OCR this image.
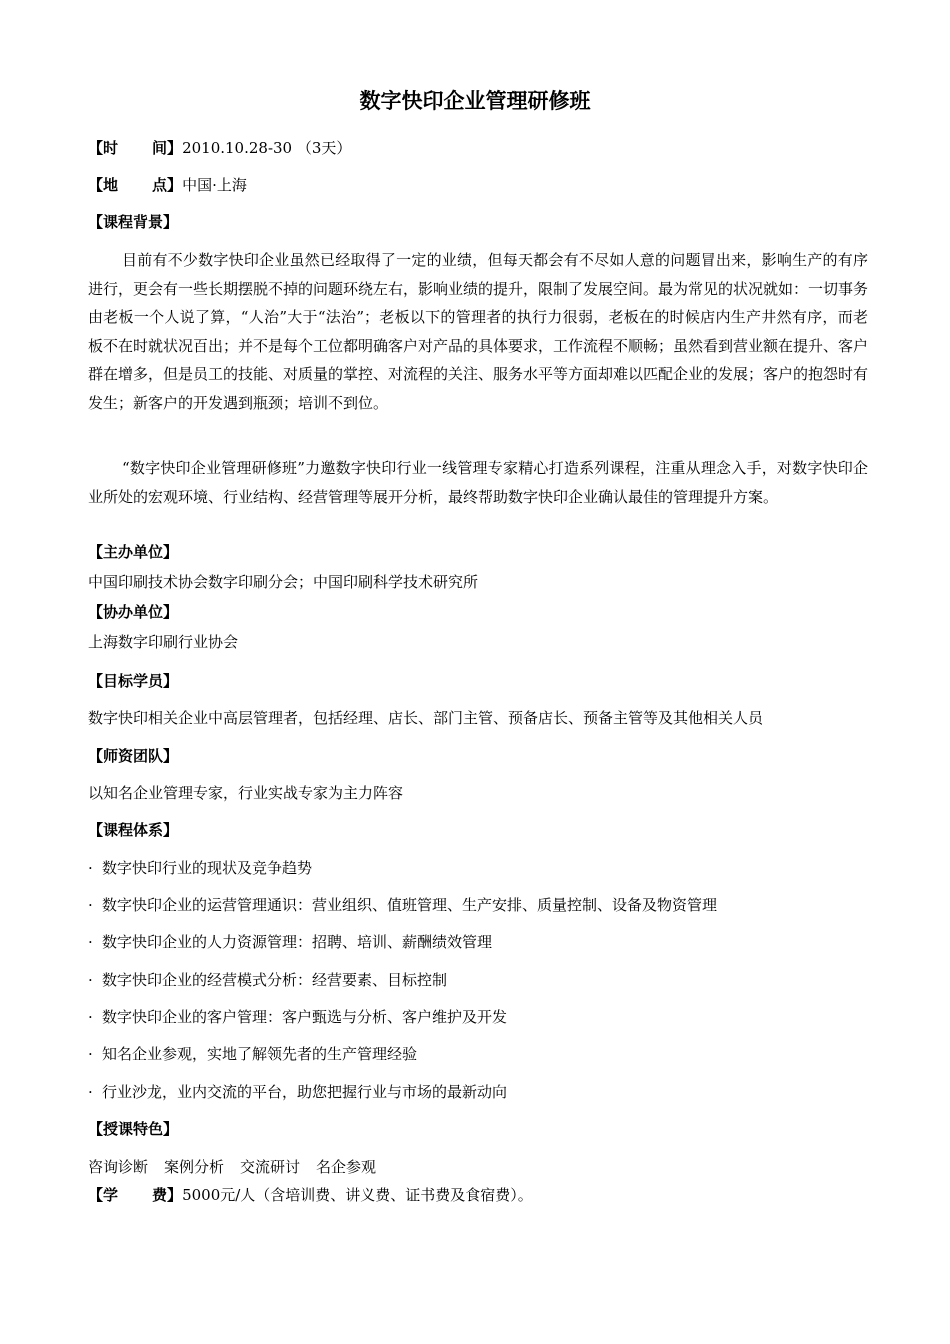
数字快印企业管理研修班
【时间】2010.10.28-30 （3天）
【地点】中国·上海
【课程背景】
目前有不少数字快印企业虽然已经取得了一定的业绩，但每天都会有不尽如人意的问题冒出来，影响生产的有序进行，更会有一些长期摆脱不掉的问题环绕左右，影响业绩的提升，限制了发展空间。最为常见的状况就如：一切事务由老板一个人说了算，“人治”大于“法治”；老板以下的管理者的执行力很弱，老板在的时候店内生产井然有序，而老板不在时就状况百出；并不是每个工位都明确客户对产品的具体要求，工作流程不顺畅；虽然看到营业额在提升、客户群在增多，但是员工的技能、对质量的掌控、对流程的关注、服务水平等方面却难以匹配企业的发展；客户的抱怨时有发生；新客户的开发遇到瓶颈；培训不到位。
“数字快印企业管理研修班”力邀数字快印行业一线管理专家精心打造系列课程，注重从理念入手，对数字快印企业所处的宏观环境、行业结构、经营管理等展开分析，最终帮助数字快印企业确认最佳的管理提升方案。
【主办单位】
中国印刷技术协会数字印刷分会；中国印刷科学技术研究所
【协办单位】
上海数字印刷行业协会
【目标学员】
数字快印相关企业中高层管理者，包括经理、店长、部门主管、预备店长、预备主管等及其他相关人员
【师资团队】
以知名企业管理专家，行业实战专家为主力阵容
【课程体系】
· 数字快印行业的现状及竞争趋势
· 数字快印企业的运营管理通识：营业组织、值班管理、生产安排、质量控制、设备及物资管理
· 数字快印企业的人力资源管理：招聘、培训、薪酬绩效管理
· 数字快印企业的经营模式分析：经营要素、目标控制
· 数字快印企业的客户管理：客户甄选与分析、客户维护及开发
· 知名企业参观，实地了解领先者的生产管理经验
· 行业沙龙，业内交流的平台，助您把握行业与市场的最新动向
【授课特色】
咨询诊断 案例分析 交流研讨 名企参观
【学费】5000元/人（含培训费、讲义费、证书费及食宿费）。
